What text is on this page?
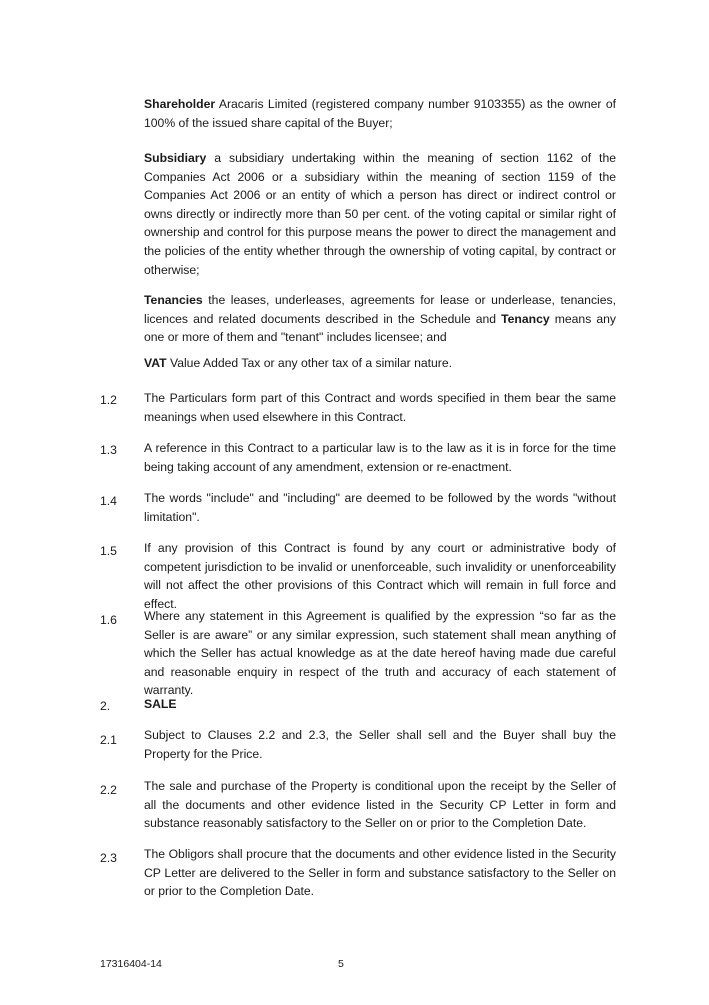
Shareholder Aracaris Limited (registered company number 9103355) as the owner of 100% of the issued share capital of the Buyer;

Subsidiary a subsidiary undertaking within the meaning of section 1162 of the Companies Act 2006 or a subsidiary within the meaning of section 1159 of the Companies Act 2006 or an entity of which a person has direct or indirect control or owns directly or indirectly more than 50 per cent. of the voting capital or similar right of ownership and control for this purpose means the power to direct the management and the policies of the entity whether through the ownership of voting capital, by contract or otherwise;

Tenancies the leases, underleases, agreements for lease or underlease, tenancies, licences and related documents described in the Schedule and Tenancy means any one or more of them and "tenant" includes licensee; and

VAT Value Added Tax or any other tax of a similar nature.

1.2 The Particulars form part of this Contract and words specified in them bear the same meanings when used elsewhere in this Contract.

1.3 A reference in this Contract to a particular law is to the law as it is in force for the time being taking account of any amendment, extension or re-enactment.

1.4 The words "include" and "including" are deemed to be followed by the words "without limitation".

1.5 If any provision of this Contract is found by any court or administrative body of competent jurisdiction to be invalid or unenforceable, such invalidity or unenforceability will not affect the other provisions of this Contract which will remain in full force and effect.

1.6 Where any statement in this Agreement is qualified by the expression “so far as the Seller is are aware” or any similar expression, such statement shall mean anything of which the Seller has actual knowledge as at the date hereof having made due careful and reasonable enquiry in respect of the truth and accuracy of each statement of warranty.

2.	SALE

2.1 Subject to Clauses 2.2 and 2.3, the Seller shall sell and the Buyer shall buy the Property for the Price.

2.2 The sale and purchase of the Property is conditional upon the receipt by the Seller of all the documents and other evidence listed in the Security CP Letter in form and substance reasonably satisfactory to the Seller on or prior to the Completion Date.

2.3 The Obligors shall procure that the documents and other evidence listed in the Security CP Letter are delivered to the Seller in form and substance satisfactory to the Seller on or prior to the Completion Date.

17316404-14	5
